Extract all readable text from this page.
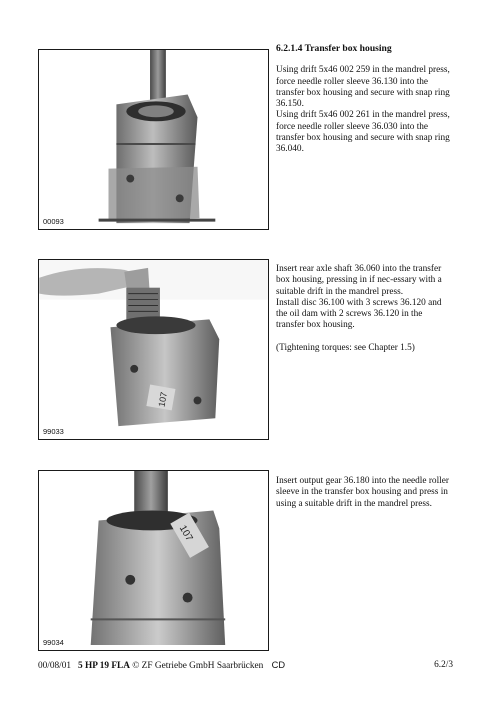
00093
107
99033
107
99034

6.2.1.4 Transfer box housing

Using drift 5x46 002 259 in the mandrel press, force needle roller sleeve 36.130 into the transfer box housing and secure with snap ring 36.150.

Using drift 5x46 002 261 in the mandrel press, force needle roller sleeve 36.030 into the transfer box housing and secure with snap ring 36.040.

Insert rear axle shaft 36.060 into the transfer box housing, pressing in if nec-essary with a suitable drift in the mandrel press.

Install disc 36.100 with 3 screws 36.120 and the oil dam with 2 screws 36.120 in the transfer box housing.

(Tightening torques: see Chapter 1.5)

Insert output gear 36.180 into the needle roller sleeve in the transfer box housing and press in using a suitable drift in the mandrel press.

00/08/01 5 HP 19 FLA © ZF Getriebe GmbH Saarbrücken CD	6.2/3
